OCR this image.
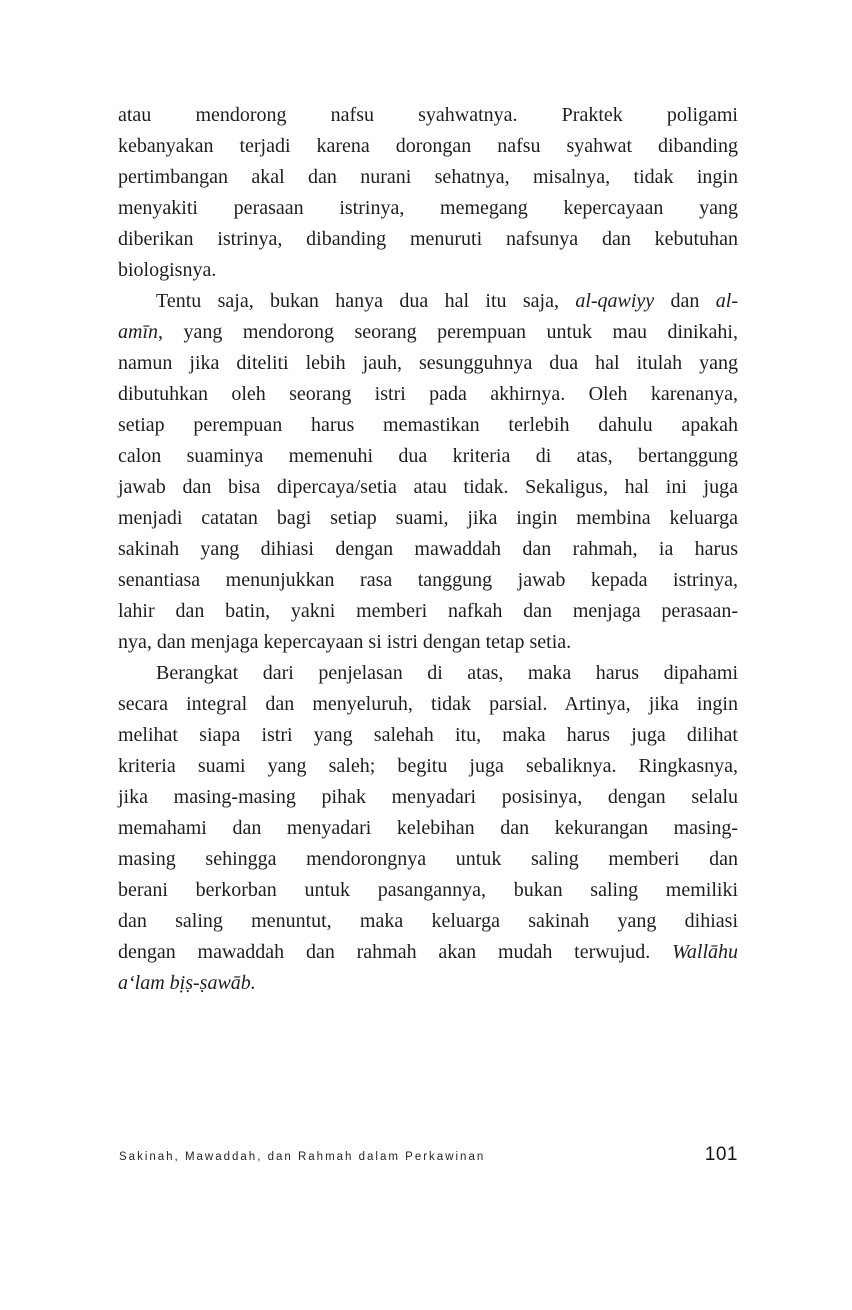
atau mendorong nafsu syahwatnya. Praktek poligami
kebanyakan terjadi karena dorongan nafsu syahwat dibanding
pertimbangan akal dan nurani sehatnya, misalnya, tidak ingin
menyakiti perasaan istrinya, memegang kepercayaan yang
diberikan istrinya, dibanding menuruti nafsunya dan kebutuhan
biologisnya.
Tentu saja, bukan hanya dua hal itu saja, al-qawiyy dan al-
amīn, yang mendorong seorang perempuan untuk mau dinikahi,
namun jika diteliti lebih jauh, sesungguhnya dua hal itulah yang
dibutuhkan oleh seorang istri pada akhirnya. Oleh karenanya,
setiap perempuan harus memastikan terlebih dahulu apakah
calon suaminya memenuhi dua kriteria di atas, bertanggung
jawab dan bisa dipercaya/setia atau tidak. Sekaligus, hal ini juga
menjadi catatan bagi setiap suami, jika ingin membina keluarga
sakinah yang dihiasi dengan mawaddah dan rahmah, ia harus
senantiasa menunjukkan rasa tanggung jawab kepada istrinya,
lahir dan batin, yakni memberi nafkah dan menjaga perasaan-
nya, dan menjaga kepercayaan si istri dengan tetap setia.
Berangkat dari penjelasan di atas, maka harus dipahami
secara integral dan menyeluruh, tidak parsial. Artinya, jika ingin
melihat siapa istri yang salehah itu, maka harus juga dilihat
kriteria suami yang saleh; begitu juga sebaliknya. Ringkasnya,
jika masing-masing pihak menyadari posisinya, dengan selalu
memahami dan menyadari kelebihan dan kekurangan masing-
masing sehingga mendorongnya untuk saling memberi dan
berani berkorban untuk pasangannya, bukan saling memiliki
dan saling menuntut, maka keluarga sakinah yang dihiasi
dengan mawaddah dan rahmah akan mudah terwujud. Wallāhu
a‘lam bịṣ-ṣawāb.
Sakinah, Mawaddah, dan Rahmah dalam Perkawinan	101
